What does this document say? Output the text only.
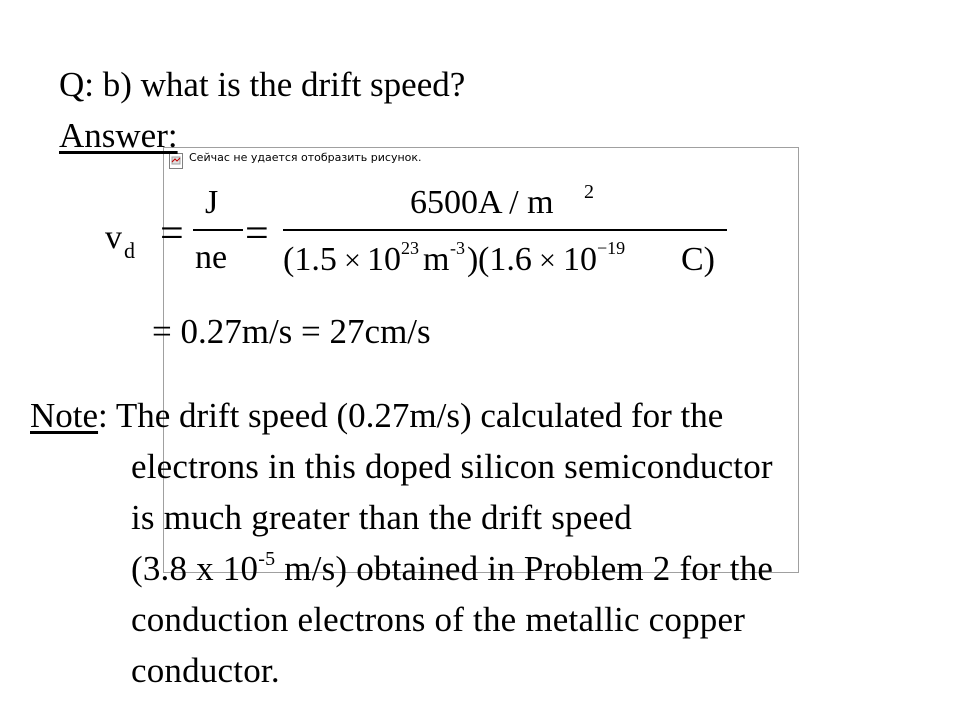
Сейчас не удается отобразить рисунок.
Q: b) what is the drift speed?
Answer:
v d =
J
ne
=
6500A / m 2
(1.5 × 10 23 m -3 ) (1.6 × 10 −19 C)
= 0.27m/s = 27cm/s
Note: The drift speed (0.27m/s) calculated for the
electrons in this doped silicon semiconductor
is much greater than the drift speed
(3.8 x $10^{-5}$ m/s) obtained in Problem 2 for the
conduction electrons of the metallic copper
conductor.
